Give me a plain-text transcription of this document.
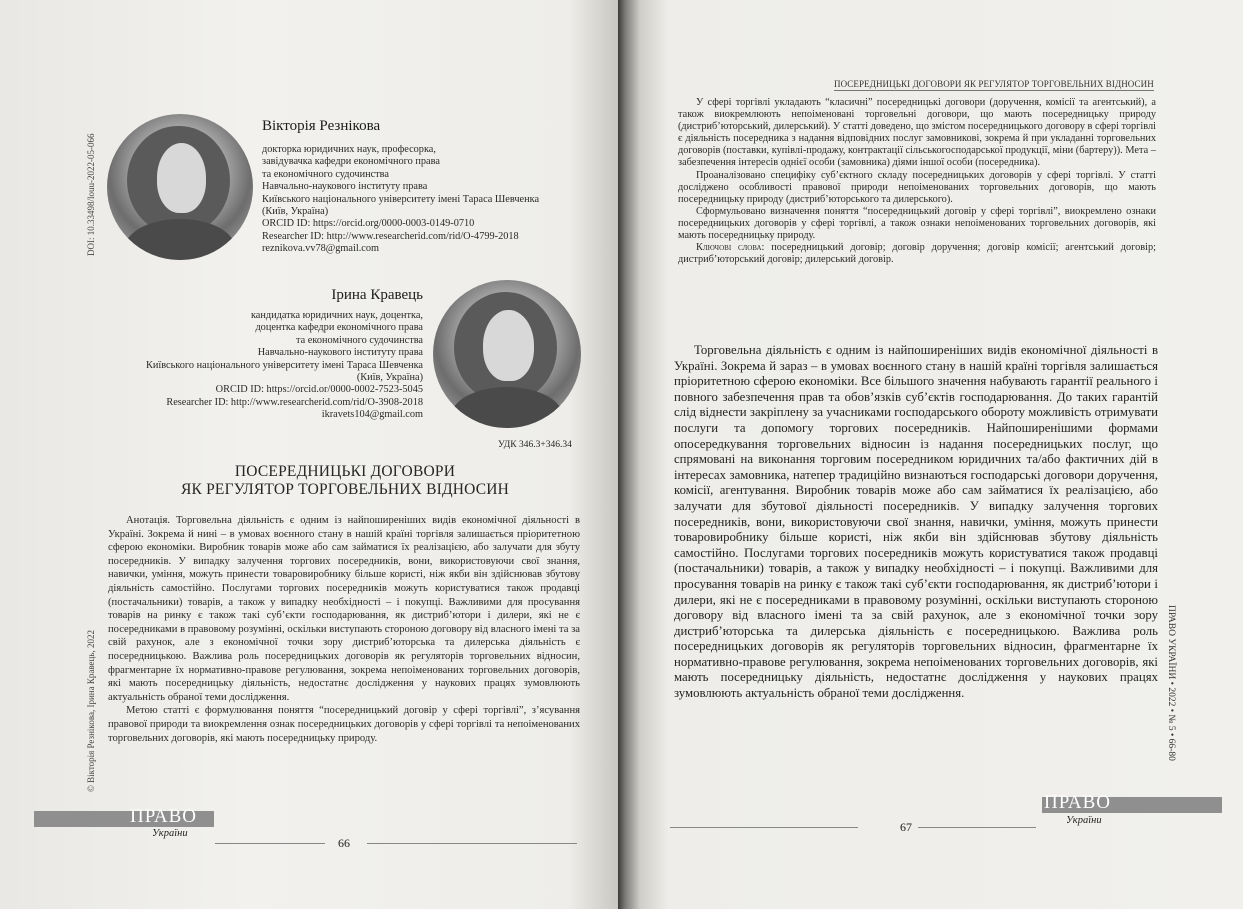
DOI: 10.33498/louu-2022-05-066
© Вікторія Резнікова, Ірина Кравець, 2022
Вікторія Резнікова
докторка юридичних наук, професорка,
завідувачка кафедри економічного права
та економічного судочинства
Навчально-наукового інституту права
Київського національного університету імені Тараса Шевченка
(Київ, Україна)
ORCID ID: https://orcid.org/0000-0003-0149-0710
Researcher ID: http://www.researcherid.com/rid/O-4799-2018
reznikova.vv78@gmail.com
Ірина Кравець
кандидатка юридичних наук, доцентка,
доцентка кафедри економічного права
та економічного судочинства
Навчально-наукового інституту права
Київського національного університету імені Тараса Шевченка
(Київ, Україна)
ORCID ID: https://orcid.or/0000-0002-7523-5045
Researcher ID: http://www.researcherid.com/rid/O-3908-2018
ikravets104@gmail.com
УДК 346.3+346.34
ПОСЕРЕДНИЦЬКІ ДОГОВОРИ
ЯК РЕГУЛЯТОР ТОРГОВЕЛЬНИХ ВІДНОСИН

Анотація. Торговельна діяльність є одним із найпоширеніших видів економічної діяльності в Україні. Зокрема й нині – в умовах воєнного стану в нашій країні торгівля залишається пріоритетною сферою економіки. Виробник товарів може або сам займатися їх реалізацією, або залучати для збуту посередників. У випадку залучення торгових посередників, вони, використовуючи свої знання, навички, уміння, можуть принести товаровиробнику більше користі, ніж якби він здійснював збутову діяльність самостійно. Послугами торгових посередників можуть користуватися також продавці (постачальники) товарів, а також у випадку необхідності – і покупці. Важливими для просування товарів на ринку є також такі суб’єкти господарювання, як дистриб’ютори і дилери, які не є посередниками в правовому розумінні, оскільки виступають стороною договору від власного імені та за свій рахунок, але з економічної точки зору дистриб’юторська та дилерська діяльність є посередницькою. Важлива роль посередницьких договорів як регуляторів торговельних відносин, фрагментарне їх нормативно-правове регулювання, зокрема непоіменованих торговельних договорів, які мають посередницьку діяльність, недостатнє дослідження у наукових працях зумовлюють актуальність обраної теми дослідження.

Метою статті є формулювання поняття “посередницький договір у сфері торгівлі”, з’ясування правової природи та виокремлення ознак посередницьких договорів у сфері торгівлі та непоіменованих торговельних договорів, які мають посередницьку природу.

ПРАВО
України
66
ПОСЕРЕДНИЦЬКІ ДОГОВОРИ ЯК РЕГУЛЯТОР ТОРГОВЕЛЬНИХ ВІДНОСИН

У сфері торгівлі укладають “класичні” посередницькі договори (доручення, комісії та агентський), а також виокремлюють непоіменовані торговельні договори, що мають посередницьку природу (дистриб’юторський, дилерський). У статті доведено, що змістом посередницького договору в сфері торгівлі є діяльність посередника з надання відповідних послуг замовникові, зокрема й при укладанні торговельних договорів (поставки, купівлі-продажу, контрактації сільськогосподарської продукції, міни (бартеру)). Мета – забезпечення інтересів однієї особи (замовника) діями іншої особи (посередника).

Проаналізовано специфіку суб’єктного складу посередницьких договорів у сфері торгівлі. У статті досліджено особливості правової природи непоіменованих торговельних договорів, що мають посередницьку природу (дистриб’юторського та дилерського).

Сформульовано визначення поняття “посередницький договір у сфері торгівлі”, виокремлено ознаки посередницьких договорів у сфері торгівлі, а також ознаки непоіменованих торговельних договорів, які мають посередницьку природу.

Ключові слова: посередницький договір; договір доручення; договір комісії; агентський договір; дистриб’юторський договір; дилерський договір.

Торговельна діяльність є одним із найпоширеніших видів економічної діяльності в Україні. Зокрема й зараз – в умовах воєнного стану в нашій країні торгівля залишається пріоритетною сферою економіки. Все більшого значення набувають гарантії реального і повного забезпечення прав та обов’язків суб’єктів господарювання. До таких гарантій слід віднести закріплену за учасниками господарського обороту можливість отримувати послуги та допомогу торгових посередників. Найпоширенішими формами опосередкування торговельних відносин із надання посередницьких послуг, що спрямовані на виконання торговим посередником юридичних та/або фактичних дій в інтересах замовника, натепер традиційно визнаються господарські договори доручення, комісії, агентування. Виробник товарів може або сам займатися їх реалізацією, або залучати для збутової діяльності посередників. У випадку залучення торгових посередників, вони, використовуючи свої знання, навички, уміння, можуть принести товаровиробнику більше користі, ніж якби він здійснював збутову діяльність самостійно. Послугами торгових посередників можуть користуватися також продавці (постачальники) товарів, а також у випадку необхідності – і покупці. Важливими для просування товарів на ринку є також такі суб’єкти господарювання, як дистриб’ютори і дилери, які не є посередниками в правовому розумінні, оскільки виступають стороною договору від власного імені та за свій рахунок, але з економічної точки зору дистриб’юторська та дилерська діяльність є посередницькою. Важлива роль посередницьких договорів як регуляторів торговельних відносин, фрагментарне їх нормативно-правове регулювання, зокрема непоіменованих торговельних договорів, які мають посередницьку діяльність, недостатнє дослідження у наукових працях зумовлюють актуальність обраної теми дослідження.	ПРАВО УКРАЇНИ • 2022 • № 5 • 66-80
ПРАВО
України
67
